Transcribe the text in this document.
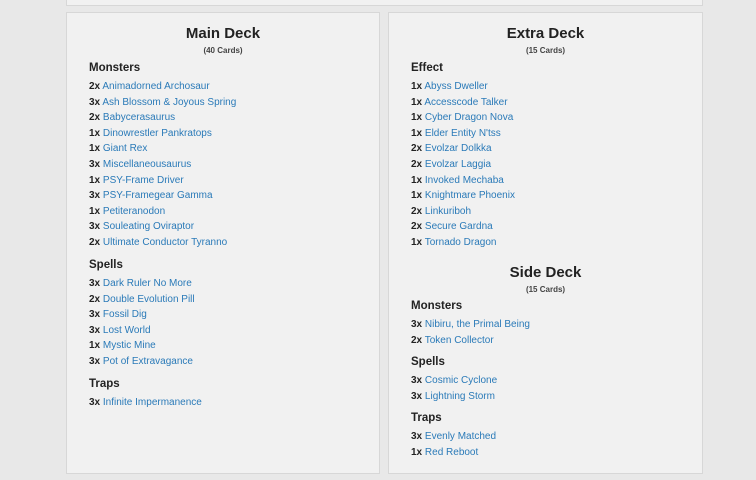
Main Deck
(40 Cards)
Monsters
2x Animadorned Archosaur
3x Ash Blossom & Joyous Spring
2x Babycerasaurus
1x Dinowrestler Pankratops
1x Giant Rex
3x Miscellaneousaurus
1x PSY-Frame Driver
3x PSY-Framegear Gamma
1x Petiteranodon
3x Souleating Oviraptor
2x Ultimate Conductor Tyranno
Spells
3x Dark Ruler No More
2x Double Evolution Pill
3x Fossil Dig
3x Lost World
1x Mystic Mine
3x Pot of Extravagance
Traps
3x Infinite Impermanence
Extra Deck
(15 Cards)
Effect
1x Abyss Dweller
1x Accesscode Talker
1x Cyber Dragon Nova
1x Elder Entity N'tss
2x Evolzar Dolkka
2x Evolzar Laggia
1x Invoked Mechaba
1x Knightmare Phoenix
2x Linkuriboh
2x Secure Gardna
1x Tornado Dragon
Side Deck
(15 Cards)
Monsters
3x Nibiru, the Primal Being
2x Token Collector
Spells
3x Cosmic Cyclone
3x Lightning Storm
Traps
3x Evenly Matched
1x Red Reboot
